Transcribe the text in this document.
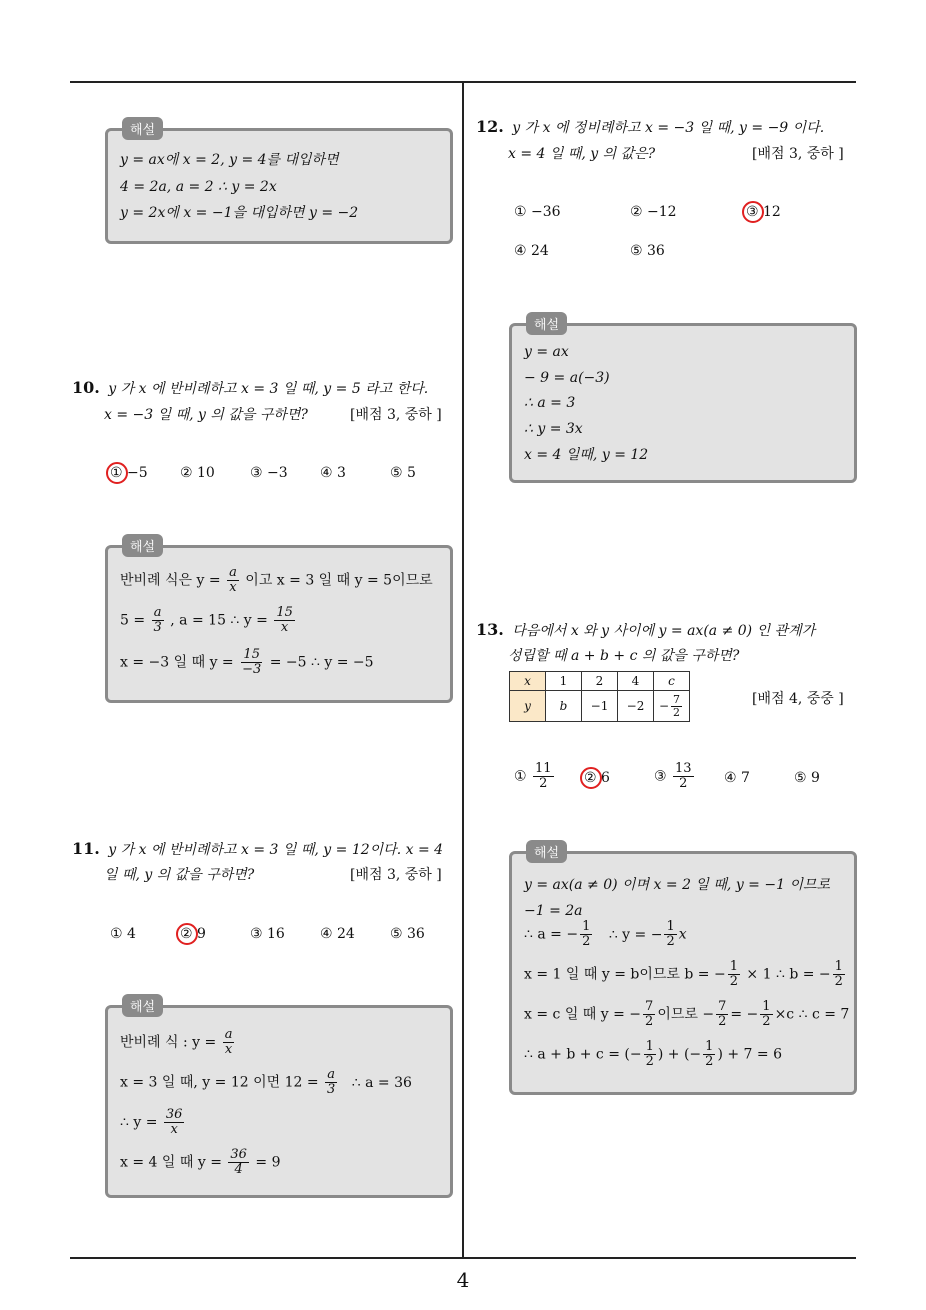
해설
y = ax에 x = 2, y = 4를 대입하면
4 = 2a, a = 2 ∴ y = 2x
y = 2x에 x = −1을 대입하면 y = −2
10. y 가 x 에 반비례하고 x = 3 일 때, y = 5 라고 한다.
x = −3 일 때, y 의 값을 구하면?	[배점 3, 중하 ]
① −5 ② 10	③ −3 ④ 3	⑤ 5
해설
반비례 식은 $y = \frac{a}{x}$ 이고 x = 3 일 때 y = 5이므로
$5 = \frac{a}{3}$ , a = 15 ∴ $y = \frac{15}{x}$
x = −3 일 때 $y = \frac{15}{-3} = -5$ ∴ y = −5
11. y 가 x 에 반비례하고 x = 3 일 때, y = 12이다. x = 4
일 때, y 의 값을 구하면?	[배점 3, 중하 ]
① 4	② 9	③ 16	④ 24	⑤ 36
해설
반비례 식 : $y = \frac{a}{x}$
x = 3 일 때, y = 12 이면 $12 = \frac{a}{3}$ ∴ a = 36
∴ $y = \frac{36}{x}$
x = 4 일 때 $y = \frac{36}{4} = 9$
12. y 가 x 에 정비례하고 x = −3 일 때, y = −9 이다.
x = 4 일 때, y 의 값은?	[배점 3, 중하 ]
① −36	② −12	③ 12
④ 24	⑤ 36
해설
y = ax
− 9 = a(−3)
∴ a = 3
∴ y = 3x
x = 4 일때, y = 12
13. 다음에서 x 와 y 사이에 y = ax(a ≠ 0) 인 관계가
성립할 때 a + b + c 의 값을 구하면?
x	1	2	4	c
y	b	−1	−2	− $\frac{7}{2}$	[배점 4, 중중 ]
① $\frac{11}{2}$ ② 6	③ $\frac{13}{2}$ ④ 7	⑤ 9
해설
y = ax(a ≠ 0) 이며 x = 2 일 때, y = −1 이므로
−1 = 2a
∴ a = − $\frac{1}{2}$ ∴ y = − $\frac{1}{2}$ x
x = 1 일 때 y = b이므로 b = − $\frac{1}{2} \times 1$ ∴ b = − $\frac{1}{2}$
x = c 일 때 y = − $\frac{7}{2}$ 이므로 − $\frac{7}{2}$ = − $\frac{1}{2} \times c$ ∴ c = 7
∴ a + b + c = (− $\frac{1}{2}$ ) + (− $\frac{1}{2}$ ) + 7 = 6
4
